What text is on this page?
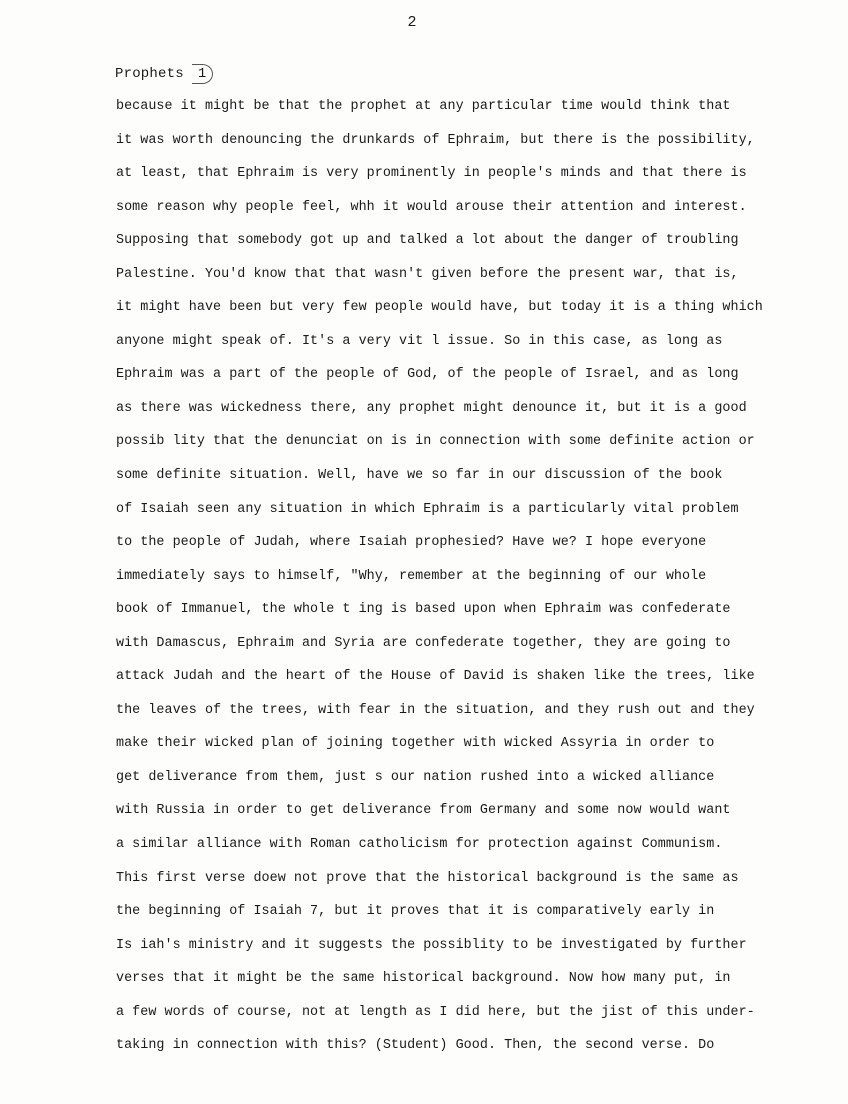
2
Prophets	1
because it might be that the prophet at any particular time would think that
it was worth denouncing the drunkards of Ephraim, but there is the possibility,
at least, that Ephraim is very prominently in people's minds and that there is
some reason why people feel, whh it would arouse their attention and interest.
Supposing that somebody got up and talked a lot about the danger of troubling
Palestine. You'd know that that wasn't given before the present war, that is,
it might have been but very few people would have, but today it is a thing which
anyone might speak of. It's a very vit l issue. So in this case, as long as
Ephraim was a part of the people of God, of the people of Israel, and as long
as there was wickedness there, any prophet might denounce it, but it is a good
possib lity that the denunciat on is in connection with some definite action or
some definite situation. Well, have we so far in our discussion of the book
of Isaiah seen any situation in which Ephraim is a particularly vital problem
to the people of Judah, where Isaiah prophesied? Have we? I hope everyone
immediately says to himself, "Why, remember at the beginning of our whole
book of Immanuel, the whole t ing is based upon when Ephraim was confederate
with Damascus, Ephraim and Syria are confederate together, they are going to
attack Judah and the heart of the House of David is shaken like the trees, like
the leaves of the trees, with fear in the situation, and they rush out and they
make their wicked plan of joining together with wicked Assyria in order to
get deliverance from them, just s our nation rushed into a wicked alliance
with Russia in order to get deliverance from Germany and some now would want
a similar alliance with Roman catholicism for protection against Communism.
This first verse doew not prove that the historical background is the same as
the beginning of Isaiah 7, but it proves that it is comparatively early in
Is iah's ministry and it suggests the possiblity to be investigated by further
verses that it might be the same historical background. Now how many put, in
a few words of course, not at length as I did here, but the jist of this under-
taking in connection with this? (Student) Good. Then, the second verse. Do
